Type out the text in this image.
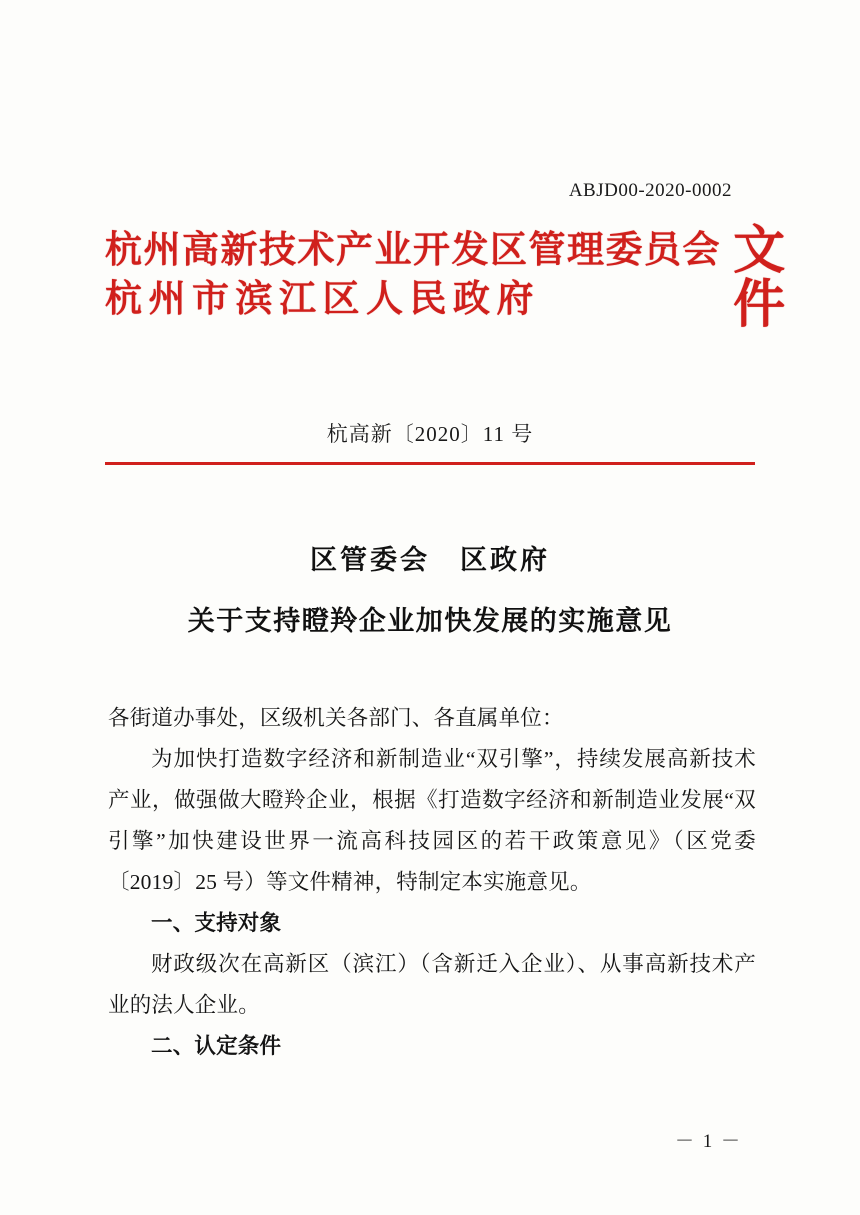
ABJD00-2020-0002
杭州高新技术产业开发区管理委员会
杭州市滨江区人民政府	文件
杭高新〔2020〕11 号
区管委会　区政府
关于支持瞪羚企业加快发展的实施意见

各街道办事处，区级机关各部门、各直属单位：

为加快打造数字经济和新制造业“双引擎”，持续发展高新技术产业，做强做大瞪羚企业，根据《打造数字经济和新制造业发展“双引擎”加快建设世界一流高科技园区的若干政策意见》（区党委〔2019〕25 号）等文件精神，特制定本实施意见。

一、支持对象

财政级次在高新区（滨江）（含新迁入企业）、从事高新技术产业的法人企业。

二、认定条件

－ 1 －
